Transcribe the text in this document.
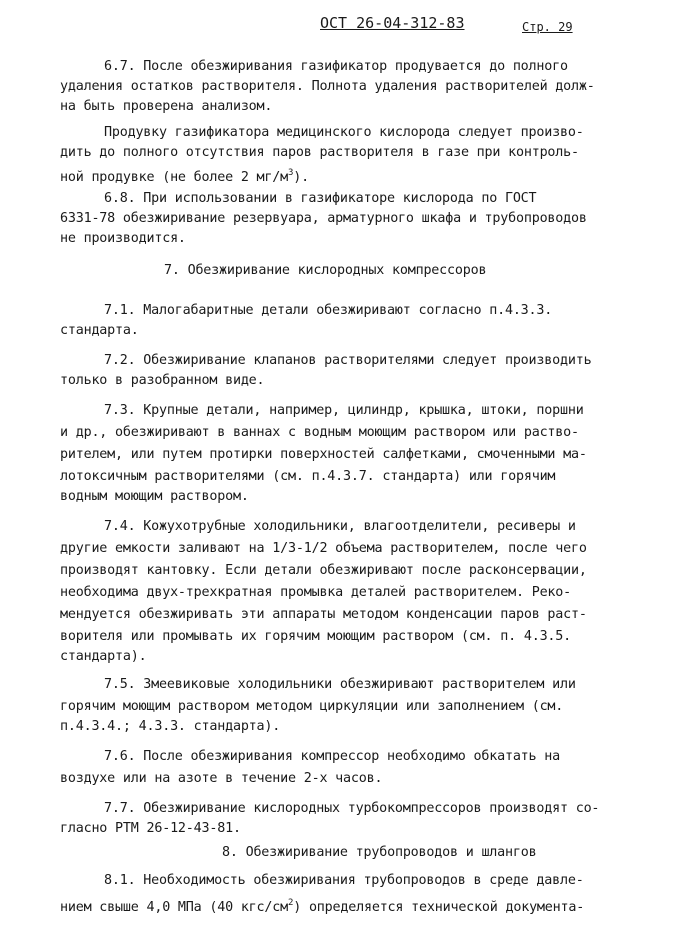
ОСТ 26-04-312-83	Стр. 29
6.7. После обезжиривания газификатор продувается до полного
удаления остатков растворителя. Полнота удаления растворителей долж-
на быть проверена анализом.
Продувку газификатора медицинского кислорода следует произво-
дить до полного отсутствия паров растворителя в газе при контроль-
ной продувке (не более 2 $мг/м^3$).
6.8. При использовании в газификаторе кислорода по ГОСТ
6331-78 обезжиривание резервуара, арматурного шкафа и трубопроводов
не производится.
7. Обезжиривание кислородных компрессоров
7.1. Малогабаритные детали обезжиривают согласно п.4.3.3.
стандарта.
7.2. Обезжиривание клапанов растворителями следует производить
только в разобранном виде.
7.3. Крупные детали, например, цилиндр, крышка, штоки, поршни
и др., обезжиривают в ваннах с водным моющим раствором или раство-
рителем, или путем протирки поверхностей салфетками, смоченными ма-
лотоксичным растворителями (см. п.4.3.7. стандарта) или горячим
водным моющим раствором.
7.4. Кожухотрубные холодильники, влагоотделители, ресиверы и
другие емкости заливают на 1/3-1/2 объема растворителем, после чего
производят кантовку. Если детали обезжиривают после расконсервации,
необходима двух-трехкратная промывка деталей растворителем. Реко-
мендуется обезжиривать эти аппараты методом конденсации паров раст-
ворителя или промывать их горячим моющим раствором (см. п. 4.3.5.
стандарта).
7.5. Змеевиковые холодильники обезжиривают растворителем или
горячим моющим раствором методом циркуляции или заполнением (см.
п.4.3.4.; 4.3.3. стандарта).
7.6. После обезжиривания компрессор необходимо обкатать на
воздухе или на азоте в течение 2-х часов.
7.7. Обезжиривание кислородных турбокомпрессоров производят со-
гласно РТМ 26-12-43-81.
8. Обезжиривание трубопроводов и шлангов
8.1. Необходимость обезжиривания трубопроводов в среде давле-
нием свыше 4,0 МПа (40 кгс/$см^2$) определяется технической документа-
